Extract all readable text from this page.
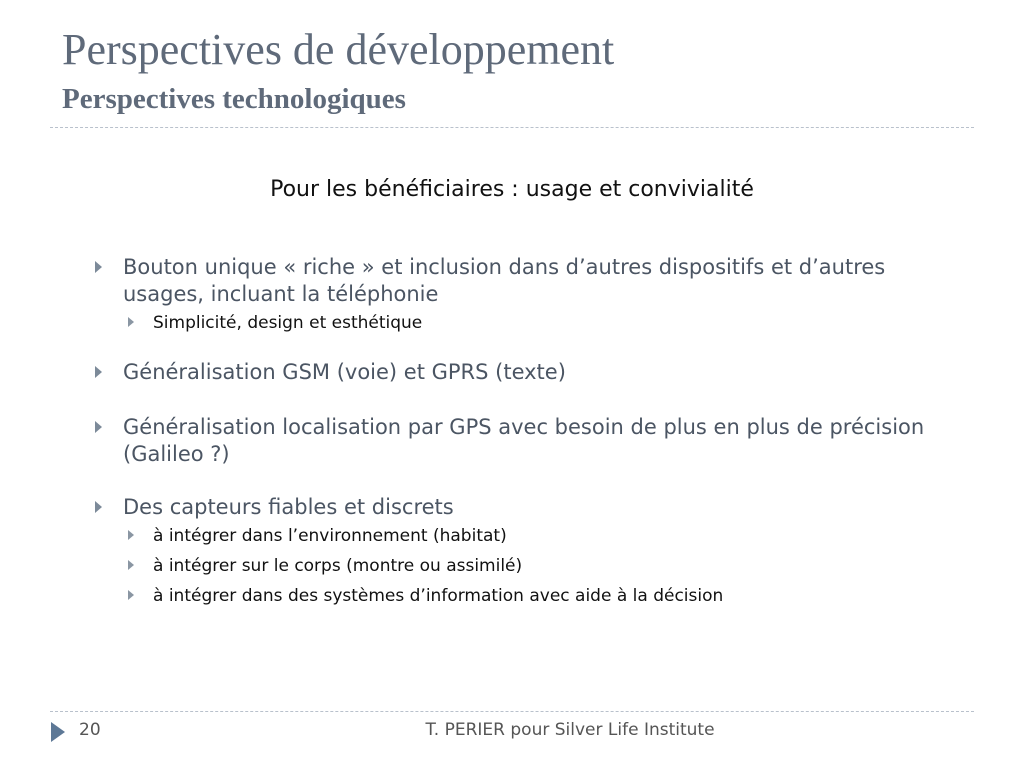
Perspectives de développement
Perspectives technologiques
Pour les bénéficiaires : usage et convivialité
Bouton unique « riche » et inclusion dans d’autres dispositifs et d’autres usages, incluant la téléphonie
Simplicité, design et esthétique
Généralisation GSM (voie) et GPRS (texte)
Généralisation localisation par GPS avec besoin de plus en plus de précision (Galileo ?)
Des capteurs fiables et discrets
à intégrer dans l’environnement (habitat)
à intégrer sur le corps (montre ou assimilé)
à intégrer dans des systèmes d’information avec aide à la décision
20	T. PERIER pour Silver Life Institute
